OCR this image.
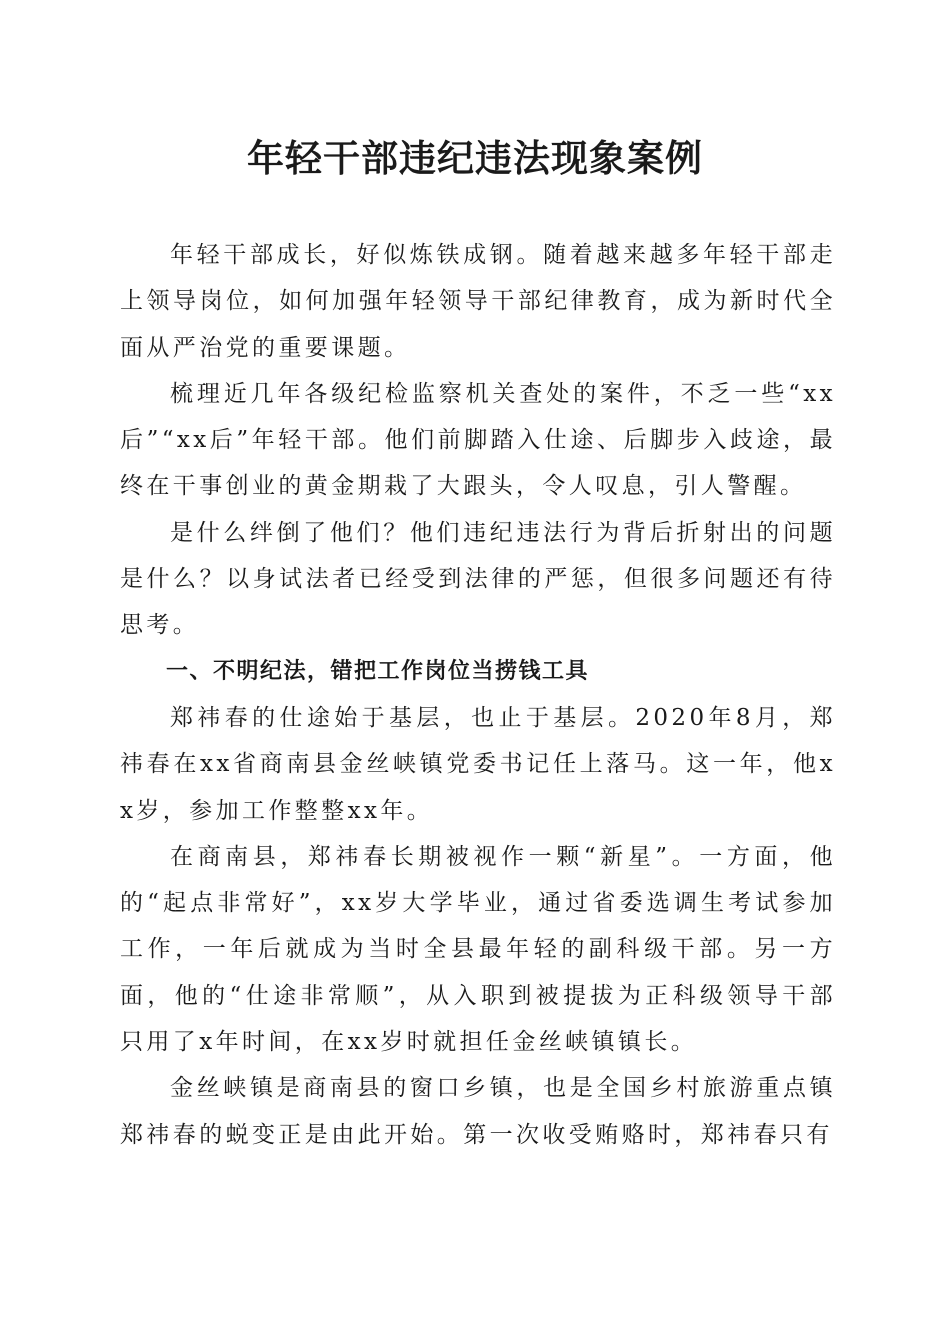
年轻干部违纪违法现象案例

年轻干部成长，好似炼铁成钢。随着越来越多年轻干部走上领导岗位，如何加强年轻领导干部纪律教育，成为新时代全面从严治党的重要课题。

梳理近几年各级纪检监察机关查处的案件，不乏一些“xx后”“xx后”年轻干部。他们前脚踏入仕途、后脚步入歧途，最终在干事创业的黄金期栽了大跟头，令人叹息，引人警醒。

是什么绊倒了他们？他们违纪违法行为背后折射出的问题是什么？以身试法者已经受到法律的严惩，但很多问题还有待思考。

一、不明纪法，错把工作岗位当捞钱工具

郑祎春的仕途始于基层，也止于基层。2020年8月，郑祎春在xx省商南县金丝峡镇党委书记任上落马。这一年，他xx岁，参加工作整整xx年。

在商南县，郑祎春长期被视作一颗“新星”。一方面，他的“起点非常好”，xx岁大学毕业，通过省委选调生考试参加工作，一年后就成为当时全县最年轻的副科级干部。另一方面，他的“仕途非常顺”，从入职到被提拔为正科级领导干部只用了x年时间，在xx岁时就担任金丝峡镇镇长。

金丝峡镇是商南县的窗口乡镇，也是全国乡村旅游重点镇郑祎春的蜕变正是由此开始。第一次收受贿赂时，郑祎春只有
